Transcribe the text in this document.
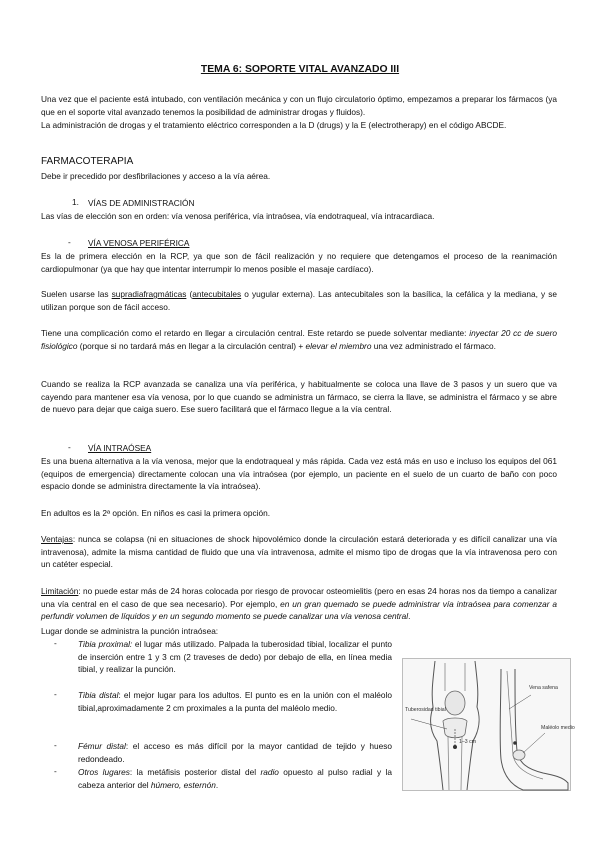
TEMA 6: SOPORTE VITAL AVANZADO III

Una vez que el paciente está intubado, con ventilación mecánica y con un flujo circulatorio óptimo, empezamos a preparar los fármacos (ya que en el soporte vital avanzado tenemos la posibilidad de administrar drogas y fluidos).

La administración de drogas y el tratamiento eléctrico corresponden a la D (drugs) y la E (electrotherapy) en el código ABCDE.

FARMACOTERAPIA

Debe ir precedido por desfibrilaciones y acceso a la vía aérea.

1. VÍAS DE ADMINISTRACIÓN

Las vías de elección son en orden: vía venosa periférica, vía intraósea, vía endotraqueal, vía intracardiaca.

- VÍA VENOSA PERIFÉRICA

Es la de primera elección en la RCP, ya que son de fácil realización y no requiere que detengamos el proceso de la reanimación cardiopulmonar (ya que hay que intentar interrumpir lo menos posible el masaje cardíaco).

Suelen usarse las supradiafragmáticas (antecubitales o yugular externa). Las antecubitales son la basílica, la cefálica y la mediana, y se utilizan porque son de fácil acceso.

Tiene una complicación como el retardo en llegar a circulación central. Este retardo se puede solventar mediante: inyectar 20 cc de suero fisiológico (porque si no tardará más en llegar a la circulación central) + elevar el miembro una vez administrado el fármaco.

Cuando se realiza la RCP avanzada se canaliza una vía periférica, y habitualmente se coloca una llave de 3 pasos y un suero que va cayendo para mantener esa vía venosa, por lo que cuando se administra un fármaco, se cierra la llave, se administra el fármaco y se abre de nuevo para dejar que caiga suero. Ese suero facilitará que el fármaco llegue a la vía central.

- VÍA INTRAÓSEA

Es una buena alternativa a la vía venosa, mejor que la endotraqueal y más rápida. Cada vez está más en uso e incluso los equipos del 061 (equipos de emergencia) directamente colocan una vía intraósea (por ejemplo, un paciente en el suelo de un cuarto de baño con poco espacio donde se administra directamente la vía intraósea).

En adultos es la 2ª opción. En niños es casi la primera opción.

Ventajas: nunca se colapsa (ni en situaciones de shock hipovolémico donde la circulación estará deteriorada y es difícil canalizar una vía intravenosa), admite la misma cantidad de fluido que una vía intravenosa, admite el mismo tipo de drogas que la vía intravenosa pero con un catéter especial.

Limitación: no puede estar más de 24 horas colocada por riesgo de provocar osteomielitis (pero en esas 24 horas nos da tiempo a canalizar una vía central en el caso de que sea necesario). Por ejemplo, en un gran quemado se puede administrar vía intraósea para comenzar a perfundir volumen de líquidos y en un segundo momento se puede canalizar una vía venosa central.

Lugar donde se administra la punción intraósea:

-	Tibia proximal: el lugar más utilizado. Palpada la tuberosidad tibial, localizar el punto de inserción entre 1 y 3 cm (2 traveses de dedo) por debajo de ella, en línea media tibial, y realizar la punción.

-	Tibia distal: el mejor lugar para los adultos. El punto es en la unión con el maléolo tibial,aproximadamente 2 cm proximales a la punta del maléolo medio.

-	Fémur distal: el acceso es más difícil por la mayor cantidad de tejido y hueso redondeado.

-	Otros lugares: la metáfisis posterior distal del radio opuesto al pulso radial y la cabeza anterior del húmero, esternón.

Tuberosidad tibial
1–3 cm
Vena safena
Maléolo medio
